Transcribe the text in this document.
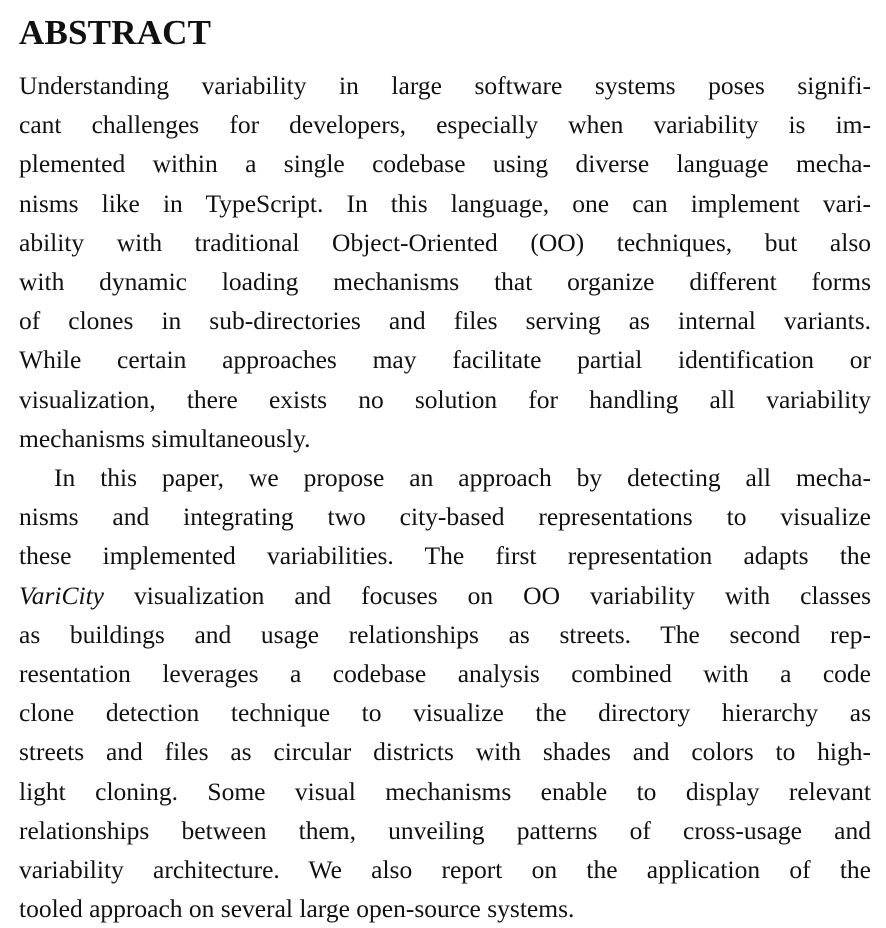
ABSTRACT
Understanding variability in large software systems poses signifi-
cant challenges for developers, especially when variability is im-
plemented within a single codebase using diverse language mecha-
nisms like in TypeScript. In this language, one can implement vari-
ability with traditional Object-Oriented (OO) techniques, but also
with dynamic loading mechanisms that organize different forms
of clones in sub-directories and files serving as internal variants.
While certain approaches may facilitate partial identification or
visualization, there exists no solution for handling all variability
mechanisms simultaneously.
In this paper, we propose an approach by detecting all mecha-
nisms and integrating two city-based representations to visualize
these implemented variabilities. The first representation adapts the
VariCity visualization and focuses on OO variability with classes
as buildings and usage relationships as streets. The second rep-
resentation leverages a codebase analysis combined with a code
clone detection technique to visualize the directory hierarchy as
streets and files as circular districts with shades and colors to high-
light cloning. Some visual mechanisms enable to display relevant
relationships between them, unveiling patterns of cross-usage and
variability architecture. We also report on the application of the
tooled approach on several large open-source systems.
